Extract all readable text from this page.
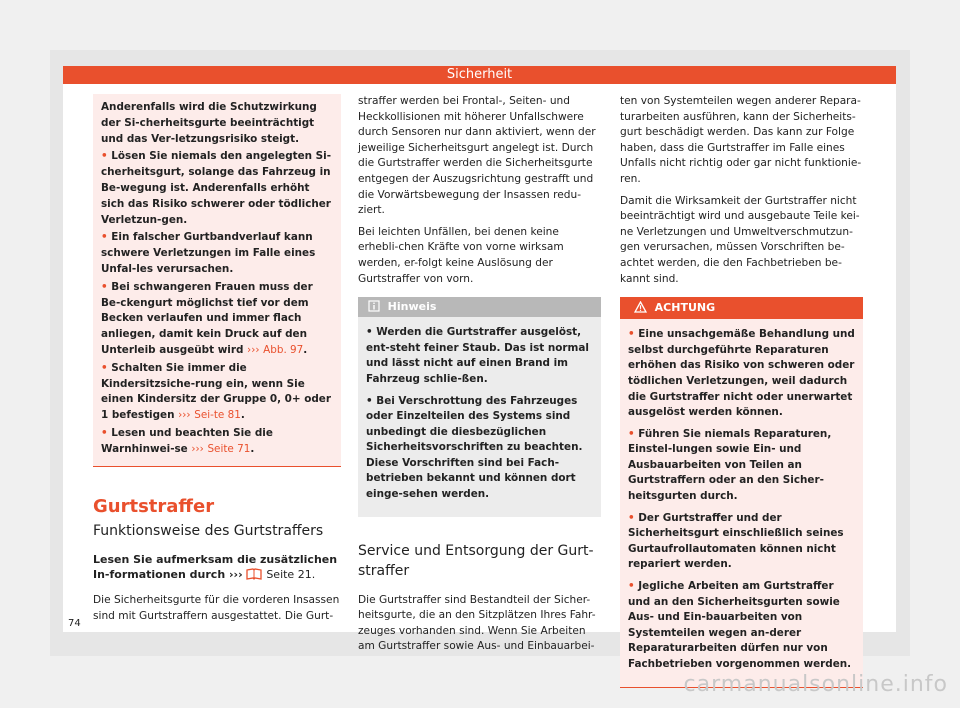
Sicherheit

Anderenfalls wird die Schutzwirkung der Si-cherheitsgurte beeinträchtigt und das Ver-letzungsrisiko steigt.

• Lösen Sie niemals den angelegten Si-cherheitsgurt, solange das Fahrzeug in Be-wegung ist. Anderenfalls erhöht sich das Risiko schwerer oder tödlicher Verletzun-gen.

• Ein falscher Gurtbandverlauf kann schwere Verletzungen im Falle eines Unfal-les verursachen.

• Bei schwangeren Frauen muss der Be-ckengurt möglichst tief vor dem Becken verlaufen und immer flach anliegen, damit kein Druck auf den Unterleib ausgeübt wird ››› Abb. 97.

• Schalten Sie immer die Kindersitzsiche-rung ein, wenn Sie einen Kindersitz der Gruppe 0, 0+ oder 1 befestigen ››› Sei-te 81.

• Lesen und beachten Sie die Warnhinwei-se ››› Seite 71.

Gurtstraffer
Funktionsweise des Gurtstraffers

Lesen Sie aufmerksam die zusätzlichen In-formationen durch ››› Seite 21.

Die Sicherheitsgurte für die vorderen Insassen sind mit Gurtstraffern ausgestattet. Die Gurt-

straffer werden bei Frontal-, Seiten- und Heckkollisionen mit höherer Unfallschwere durch Sensoren nur dann aktiviert, wenn der jeweilige Sicherheitsgurt angelegt ist. Durch die Gurtstraffer werden die Sicherheitsgurte entgegen der Auszugsrichtung gestrafft und die Vorwärtsbewegung der Insassen redu-ziert.

Bei leichten Unfällen, bei denen keine erhebli-chen Kräfte von vorne wirksam werden, er-folgt keine Auslösung der Gurtstraffer von vorn.

Hinweis

• Werden die Gurtstraffer ausgelöst, ent-steht feiner Staub. Das ist normal und lässt nicht auf einen Brand im Fahrzeug schlie-ßen.

• Bei Verschrottung des Fahrzeuges oder Einzelteilen des Systems sind unbedingt die diesbezüglichen Sicherheitsvorschriften zu beachten. Diese Vorschriften sind bei Fach-betrieben bekannt und können dort einge-sehen werden.

Service und Entsorgung der Gurt-straffer

Die Gurtstraffer sind Bestandteil der Sicher-heitsgurte, die an den Sitzplätzen Ihres Fahr-zeuges vorhanden sind. Wenn Sie Arbeiten am Gurtstraffer sowie Aus- und Einbauarbei-

ten von Systemteilen wegen anderer Repara-turarbeiten ausführen, kann der Sicherheits-gurt beschädigt werden. Das kann zur Folge haben, dass die Gurtstraffer im Falle eines Unfalls nicht richtig oder gar nicht funktionie-ren.

Damit die Wirksamkeit der Gurtstraffer nicht beeinträchtigt wird und ausgebaute Teile kei-ne Verletzungen und Umweltverschmutzun-gen verursachen, müssen Vorschriften be-achtet werden, die den Fachbetrieben be-kannt sind.

ACHTUNG

• Eine unsachgemäße Behandlung und selbst durchgeführte Reparaturen erhöhen das Risiko von schweren oder tödlichen Verletzungen, weil dadurch die Gurtstraffer nicht oder unerwartet ausgelöst werden können.

• Führen Sie niemals Reparaturen, Einstel-lungen sowie Ein- und Ausbauarbeiten von Teilen an Gurtstraffern oder an den Sicher-heitsgurten durch.

• Der Gurtstraffer und der Sicherheitsgurt einschließlich seines Gurtaufrollautomaten können nicht repariert werden.

• Jegliche Arbeiten am Gurtstraffer und an den Sicherheitsgurten sowie Aus- und Ein-bauarbeiten von Systemteilen wegen an-derer Reparaturarbeiten dürfen nur von Fachbetrieben vorgenommen werden.

74
carmanualsonline.info
